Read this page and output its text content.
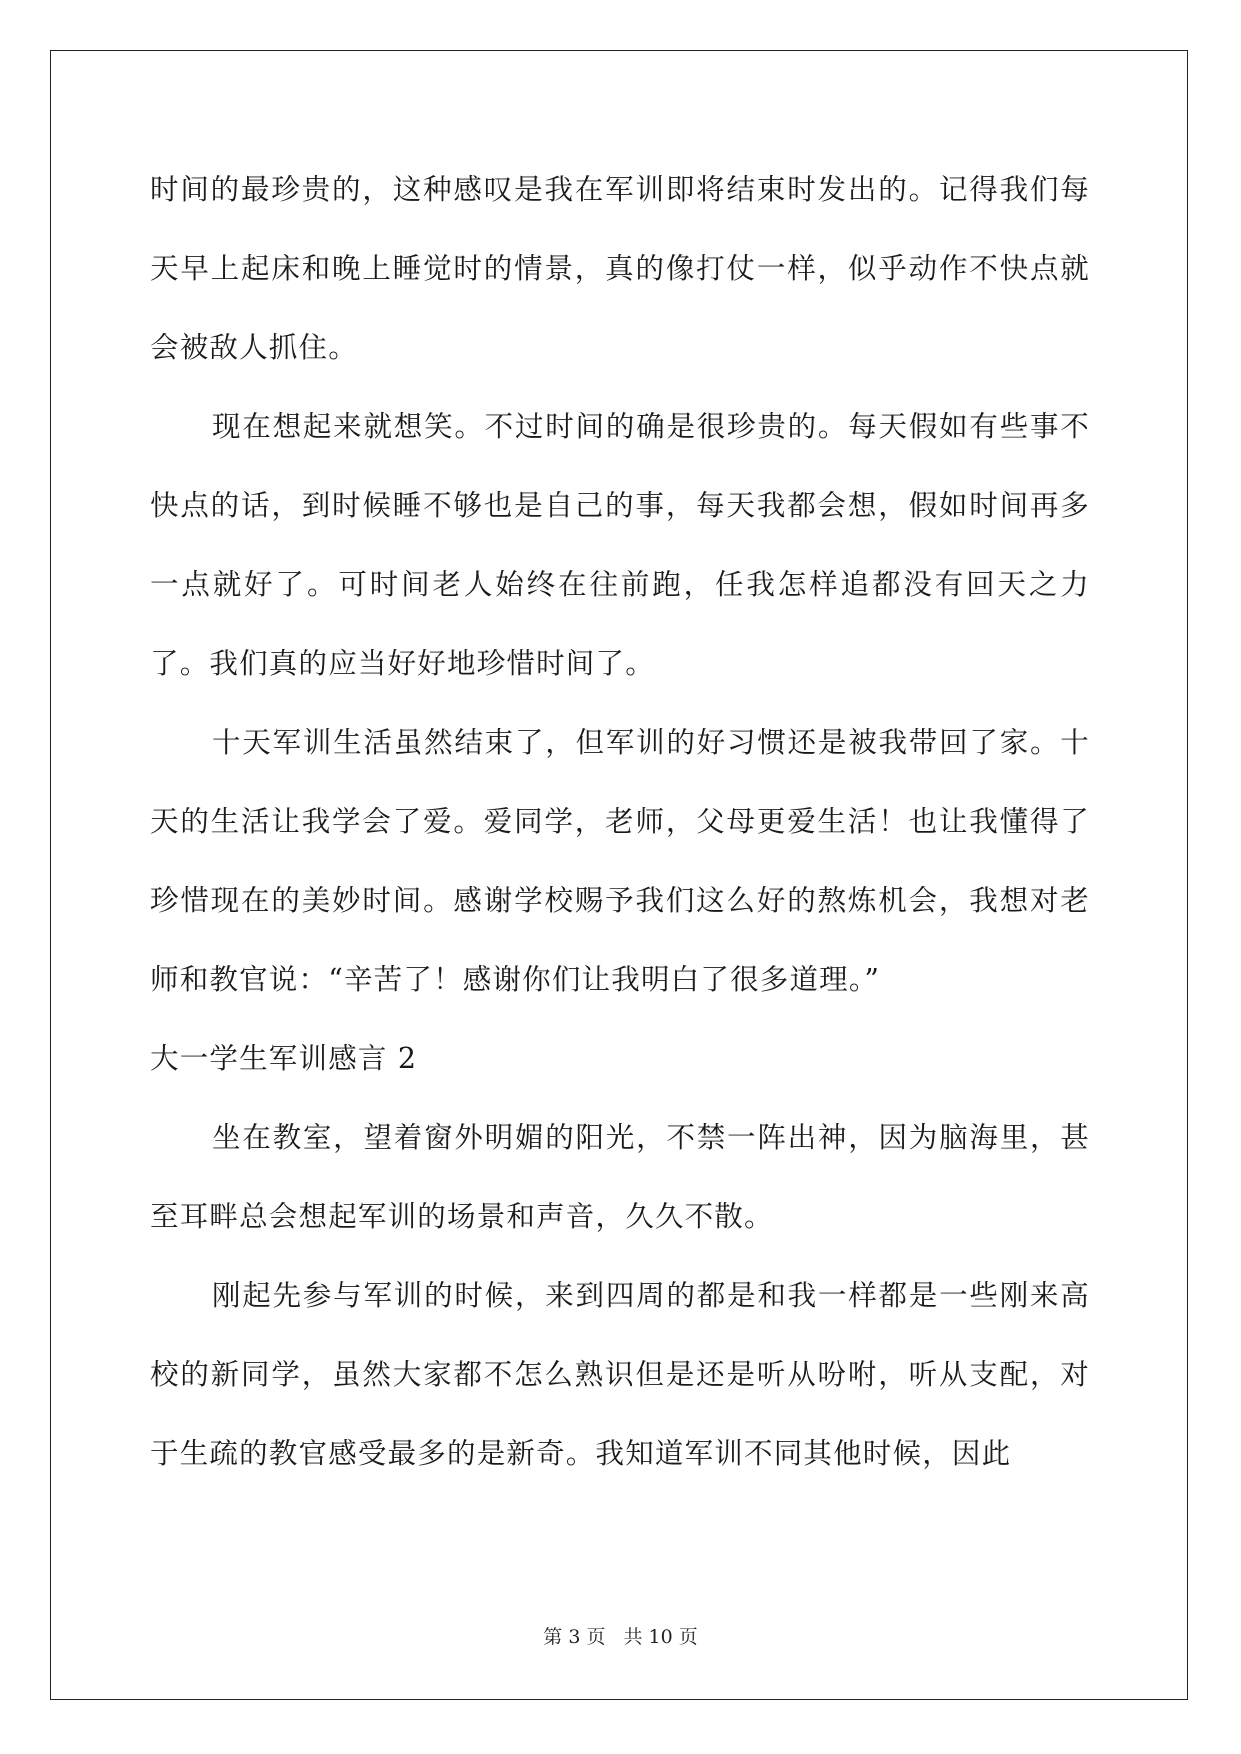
时间的最珍贵的，这种感叹是我在军训即将结束时发出的。记得我们每天早上起床和晚上睡觉时的情景，真的像打仗一样，似乎动作不快点就会被敌人抓住。

现在想起来就想笑。不过时间的确是很珍贵的。每天假如有些事不快点的话，到时候睡不够也是自己的事，每天我都会想，假如时间再多一点就好了。可时间老人始终在往前跑，任我怎样追都没有回天之力了。我们真的应当好好地珍惜时间了。

十天军训生活虽然结束了，但军训的好习惯还是被我带回了家。十天的生活让我学会了爱。爱同学，老师，父母更爱生活！也让我懂得了珍惜现在的美妙时间。感谢学校赐予我们这么好的熬炼机会，我想对老师和教官说：“辛苦了！感谢你们让我明白了很多道理。”

大一学生军训感言 2

坐在教室，望着窗外明媚的阳光，不禁一阵出神，因为脑海里，甚至耳畔总会想起军训的场景和声音，久久不散。

刚起先参与军训的时候，来到四周的都是和我一样都是一些刚来高校的新同学，虽然大家都不怎么熟识但是还是听从吩咐，听从支配，对于生疏的教官感受最多的是新奇。我知道军训不同其他时候，因此

第 3 页 共 10 页
